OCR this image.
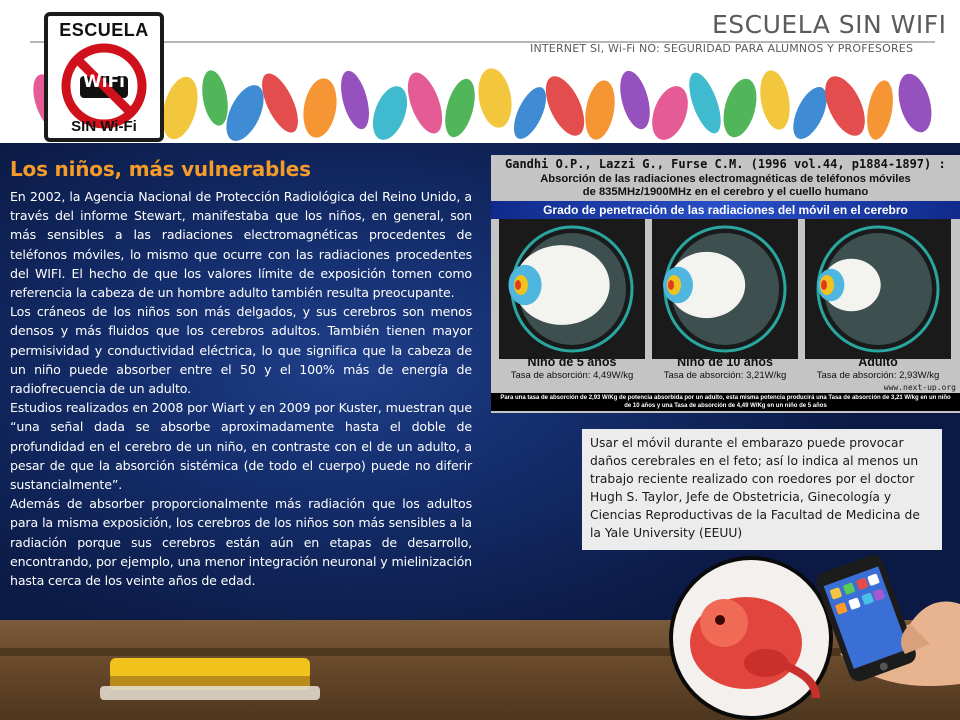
ESCUELA SIN WIFI
INTERNET SI, Wi-Fi NO: SEGURIDAD PARA ALUMNOS Y PROFESORES
ESCUELA
WiFi
SIN Wi-Fi
Los niños, más vulnerables

En 2002, la Agencia Nacional de Protección Radiológica del Reino Unido, a través del informe Stewart, manifestaba que los niños, en general, son más sensibles a las radiaciones electromagnéticas procedentes de teléfonos móviles, lo mismo que ocurre con las radiaciones procedentes del WIFI. El hecho de que los valores límite de exposición tomen como referencia la cabeza de un hombre adulto también resulta preocupante.

Los cráneos de los niños son más delgados, y sus cerebros son menos densos y más fluidos que los cerebros adultos. También tienen mayor permisividad y conductividad eléctrica, lo que significa que la cabeza de un niño puede absorber entre el 50 y el 100% más de energía de radiofrecuencia de un adulto.

Estudios realizados en 2008 por Wiart y en 2009 por Kuster, muestran que “una señal dada se absorbe aproximadamente hasta el doble de profundidad en el cerebro de un niño, en contraste con el de un adulto, a pesar de que la absorción sistémica (de todo el cuerpo) puede no diferir sustancialmente”.

Además de absorber proporcionalmente más radiación que los adultos para la misma exposición, los cerebros de los niños son más sensibles a la radiación porque sus cerebros están aún en etapas de desarrollo, encontrando, por ejemplo, una menor integración neuronal y mielinización hasta cerca de los veinte años de edad.

Gandhi O.P., Lazzi G., Furse C.M. (1996 vol.44, p1884-1897) :
Absorción de las radiaciones electromagnéticas de teléfonos móviles
de 835MHz/1900MHz en el cerebro y el cuello humano
Grado de penetración de las radiaciones del móvil en el cerebro
Niño de 5 años
Tasa de absorción: 4,49W/kg
Niño de 10 años
Tasa de absorción: 3,21W/kg
Adulto
Tasa de absorción: 2,93W/kg
www.next-up.org
Para una tasa de absorción de 2,93 W/Kg de potencia absorbida por un adulto, esta misma potencia producirá una Tasa de absorción de 3,21 W/kg en un niño de 10 años y una Tasa de absorción de 4,49 W/Kg en un niño de 5 años

Usar el móvil durante el embarazo puede provocar daños cerebrales en el feto; así lo indica al menos un trabajo reciente realizado con roedores por el doctor Hugh S. Taylor, Jefe de Obstetricia, Ginecología y Ciencias Reproductivas de la Facultad de Medicina de la Yale University (EEUU)
